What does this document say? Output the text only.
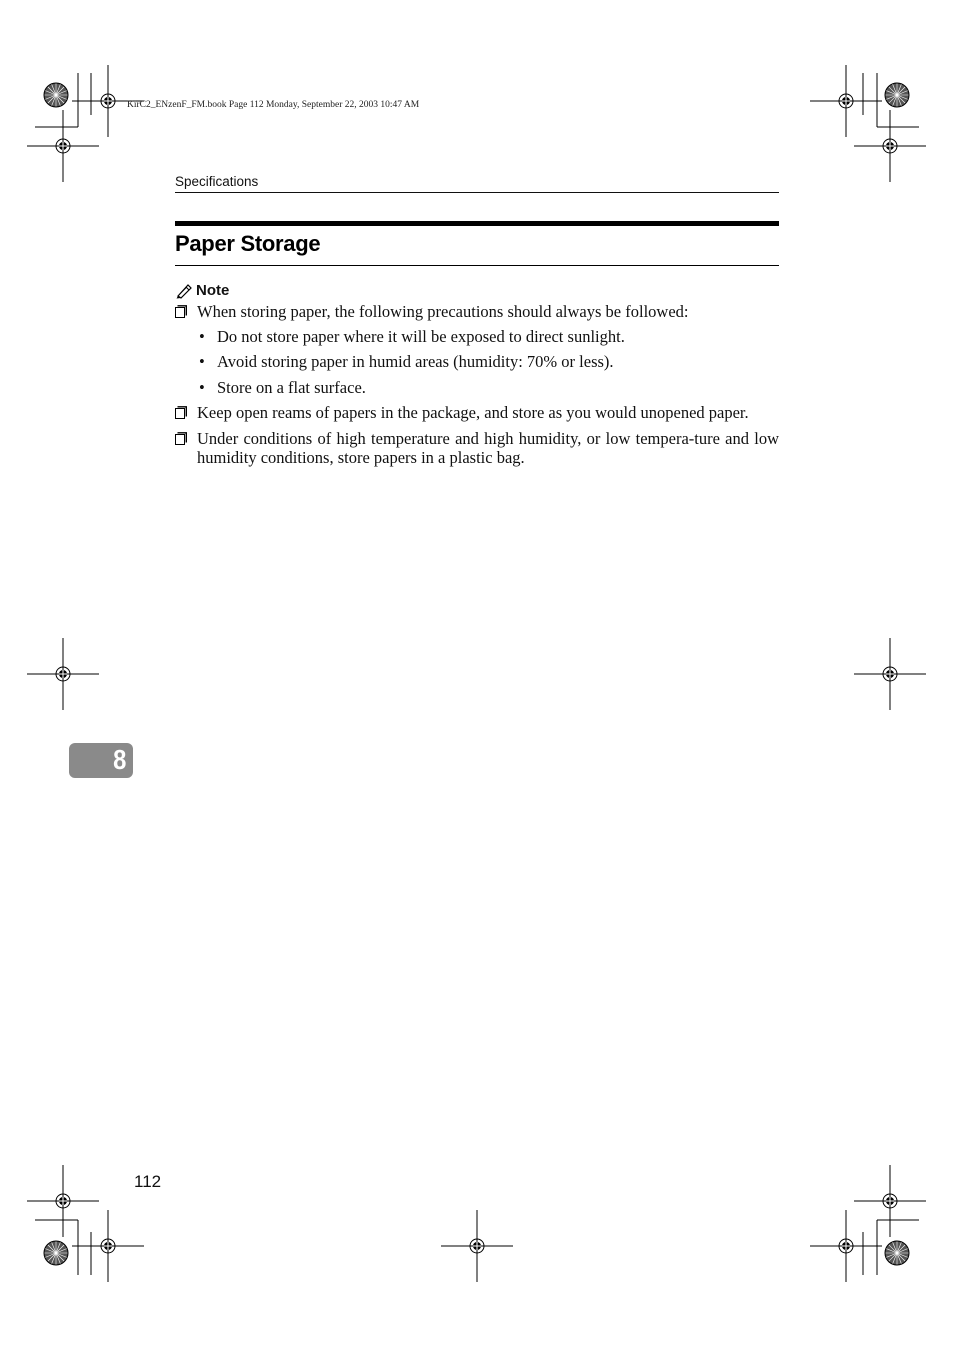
KirC2_ENzenF_FM.book Page 112 Monday, September 22, 2003 10:47 AM
Specifications
Paper Storage
Note
When storing paper, the following precautions should always be followed:
• Do not store paper where it will be exposed to direct sunlight.
• Avoid storing paper in humid areas (humidity: 70% or less).
• Store on a flat surface.
Keep open reams of papers in the package, and store as you would unopened paper.
Under conditions of high temperature and high humidity, or low tempera-ture and low humidity conditions, store papers in a plastic bag.
8
112
